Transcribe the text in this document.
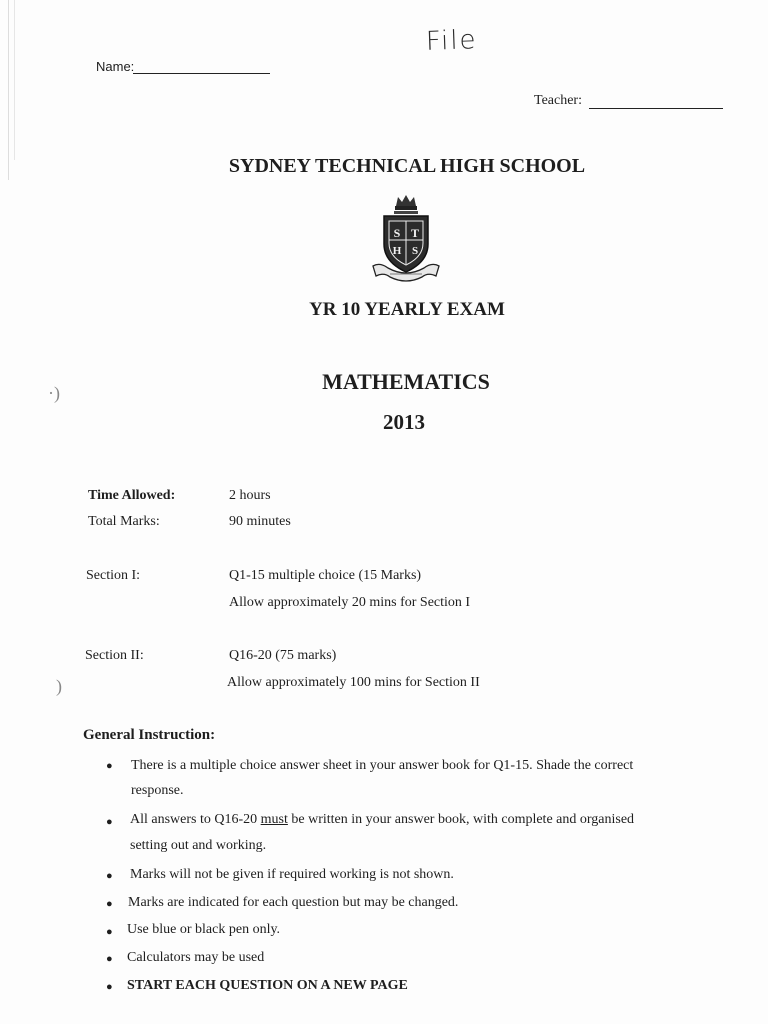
·)
)
Name:
File
Teacher:
SYDNEY TECHNICAL HIGH SCHOOL
S T
H S
YR 10 YEARLY EXAM
MATHEMATICS
2013
Time Allowed:	2 hours
Total Marks:	90 minutes
Section I:	Q1-15 multiple choice (15 Marks)
Allow approximately 20 mins for Section I
Section II:	Q16-20 (75 marks)
Allow approximately 100 mins for Section II
General Instruction:
● There is a multiple choice answer sheet in your answer book for Q1-15. Shade the correct
response.
● All answers to Q16-20 must be written in your answer book, with complete and organised
setting out and working.
● Marks will not be given if required working is not shown.
● Marks are indicated for each question but may be changed.
● Use blue or black pen only.
● Calculators may be used
● START EACH QUESTION ON A NEW PAGE
